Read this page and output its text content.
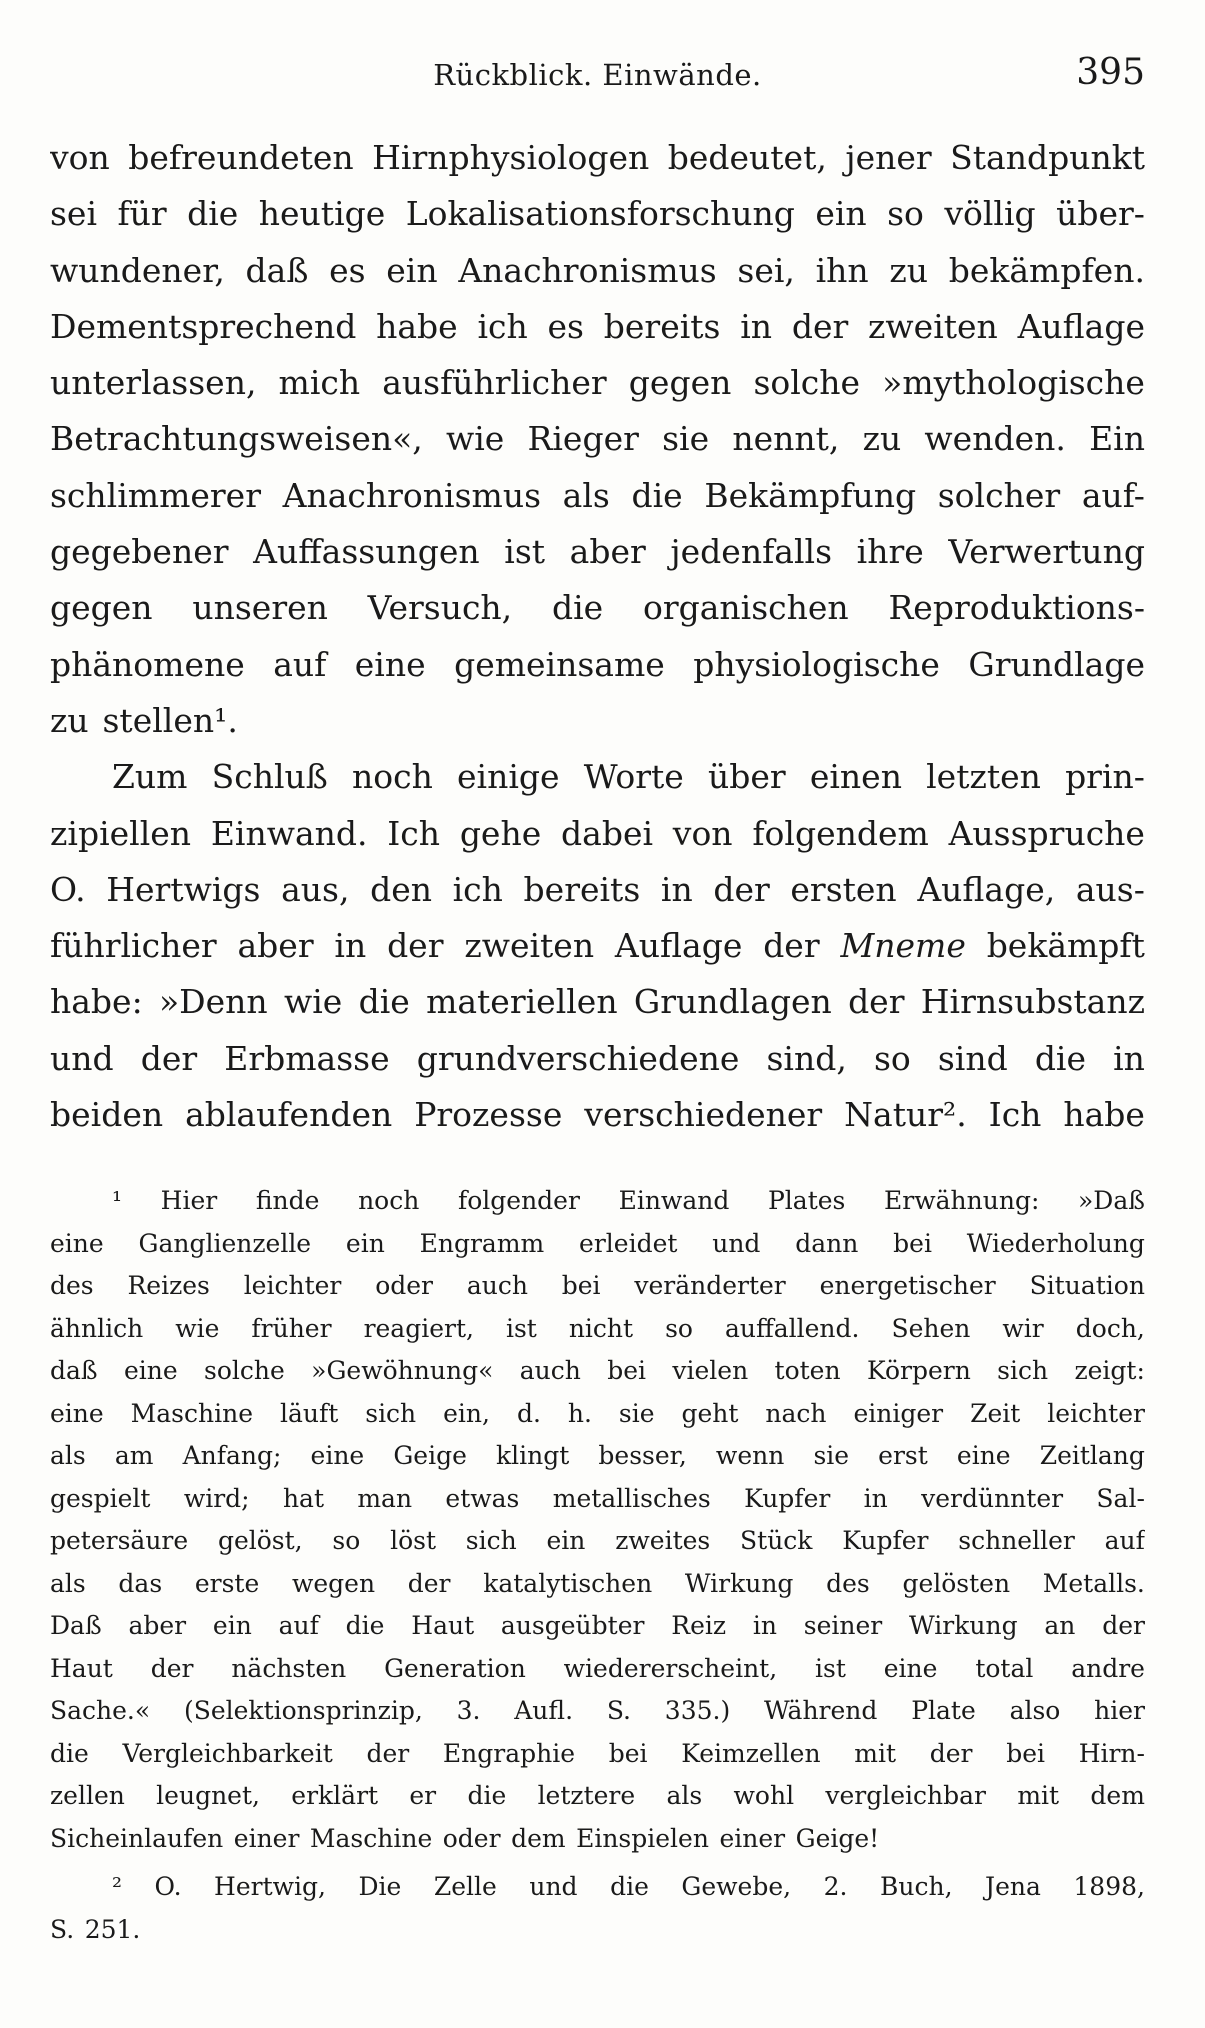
Rückblick. Einwände.	395
von befreundeten Hirnphysiologen bedeutet, jener Standpunkt
sei für die heutige Lokalisationsforschung ein so völlig über-
wundener, daß es ein Anachronismus sei, ihn zu bekämpfen.
Dementsprechend habe ich es bereits in der zweiten Auflage
unterlassen, mich ausführlicher gegen solche »mythologische
Betrachtungsweisen«, wie Rieger sie nennt, zu wenden. Ein
schlimmerer Anachronismus als die Bekämpfung solcher auf-
gegebener Auffassungen ist aber jedenfalls ihre Verwertung
gegen unseren Versuch, die organischen Reproduktions-
phänomene auf eine gemeinsame physiologische Grundlage
zu stellen¹.
Zum Schluß noch einige Worte über einen letzten prin-
zipiellen Einwand. Ich gehe dabei von folgendem Ausspruche
O. Hertwigs aus, den ich bereits in der ersten Auflage, aus-
führlicher aber in der zweiten Auflage der Mneme bekämpft
habe: »Denn wie die materiellen Grundlagen der Hirnsubstanz
und der Erbmasse grundverschiedene sind, so sind die in
beiden ablaufenden Prozesse verschiedener Natur². Ich habe
¹ Hier finde noch folgender Einwand Plates Erwähnung: »Daß
eine Ganglienzelle ein Engramm erleidet und dann bei Wiederholung
des Reizes leichter oder auch bei veränderter energetischer Situation
ähnlich wie früher reagiert, ist nicht so auffallend. Sehen wir doch,
daß eine solche »Gewöhnung« auch bei vielen toten Körpern sich zeigt:
eine Maschine läuft sich ein, d. h. sie geht nach einiger Zeit leichter
als am Anfang; eine Geige klingt besser, wenn sie erst eine Zeitlang
gespielt wird; hat man etwas metallisches Kupfer in verdünnter Sal-
petersäure gelöst, so löst sich ein zweites Stück Kupfer schneller auf
als das erste wegen der katalytischen Wirkung des gelösten Metalls.
Daß aber ein auf die Haut ausgeübter Reiz in seiner Wirkung an der
Haut der nächsten Generation wiedererscheint, ist eine total andre
Sache.« (Selektionsprinzip, 3. Aufl. S. 335.) Während Plate also hier
die Vergleichbarkeit der Engraphie bei Keimzellen mit der bei Hirn-
zellen leugnet, erklärt er die letztere als wohl vergleichbar mit dem
Sicheinlaufen einer Maschine oder dem Einspielen einer Geige!
² O. Hertwig, Die Zelle und die Gewebe, 2. Buch, Jena 1898,
S. 251.
